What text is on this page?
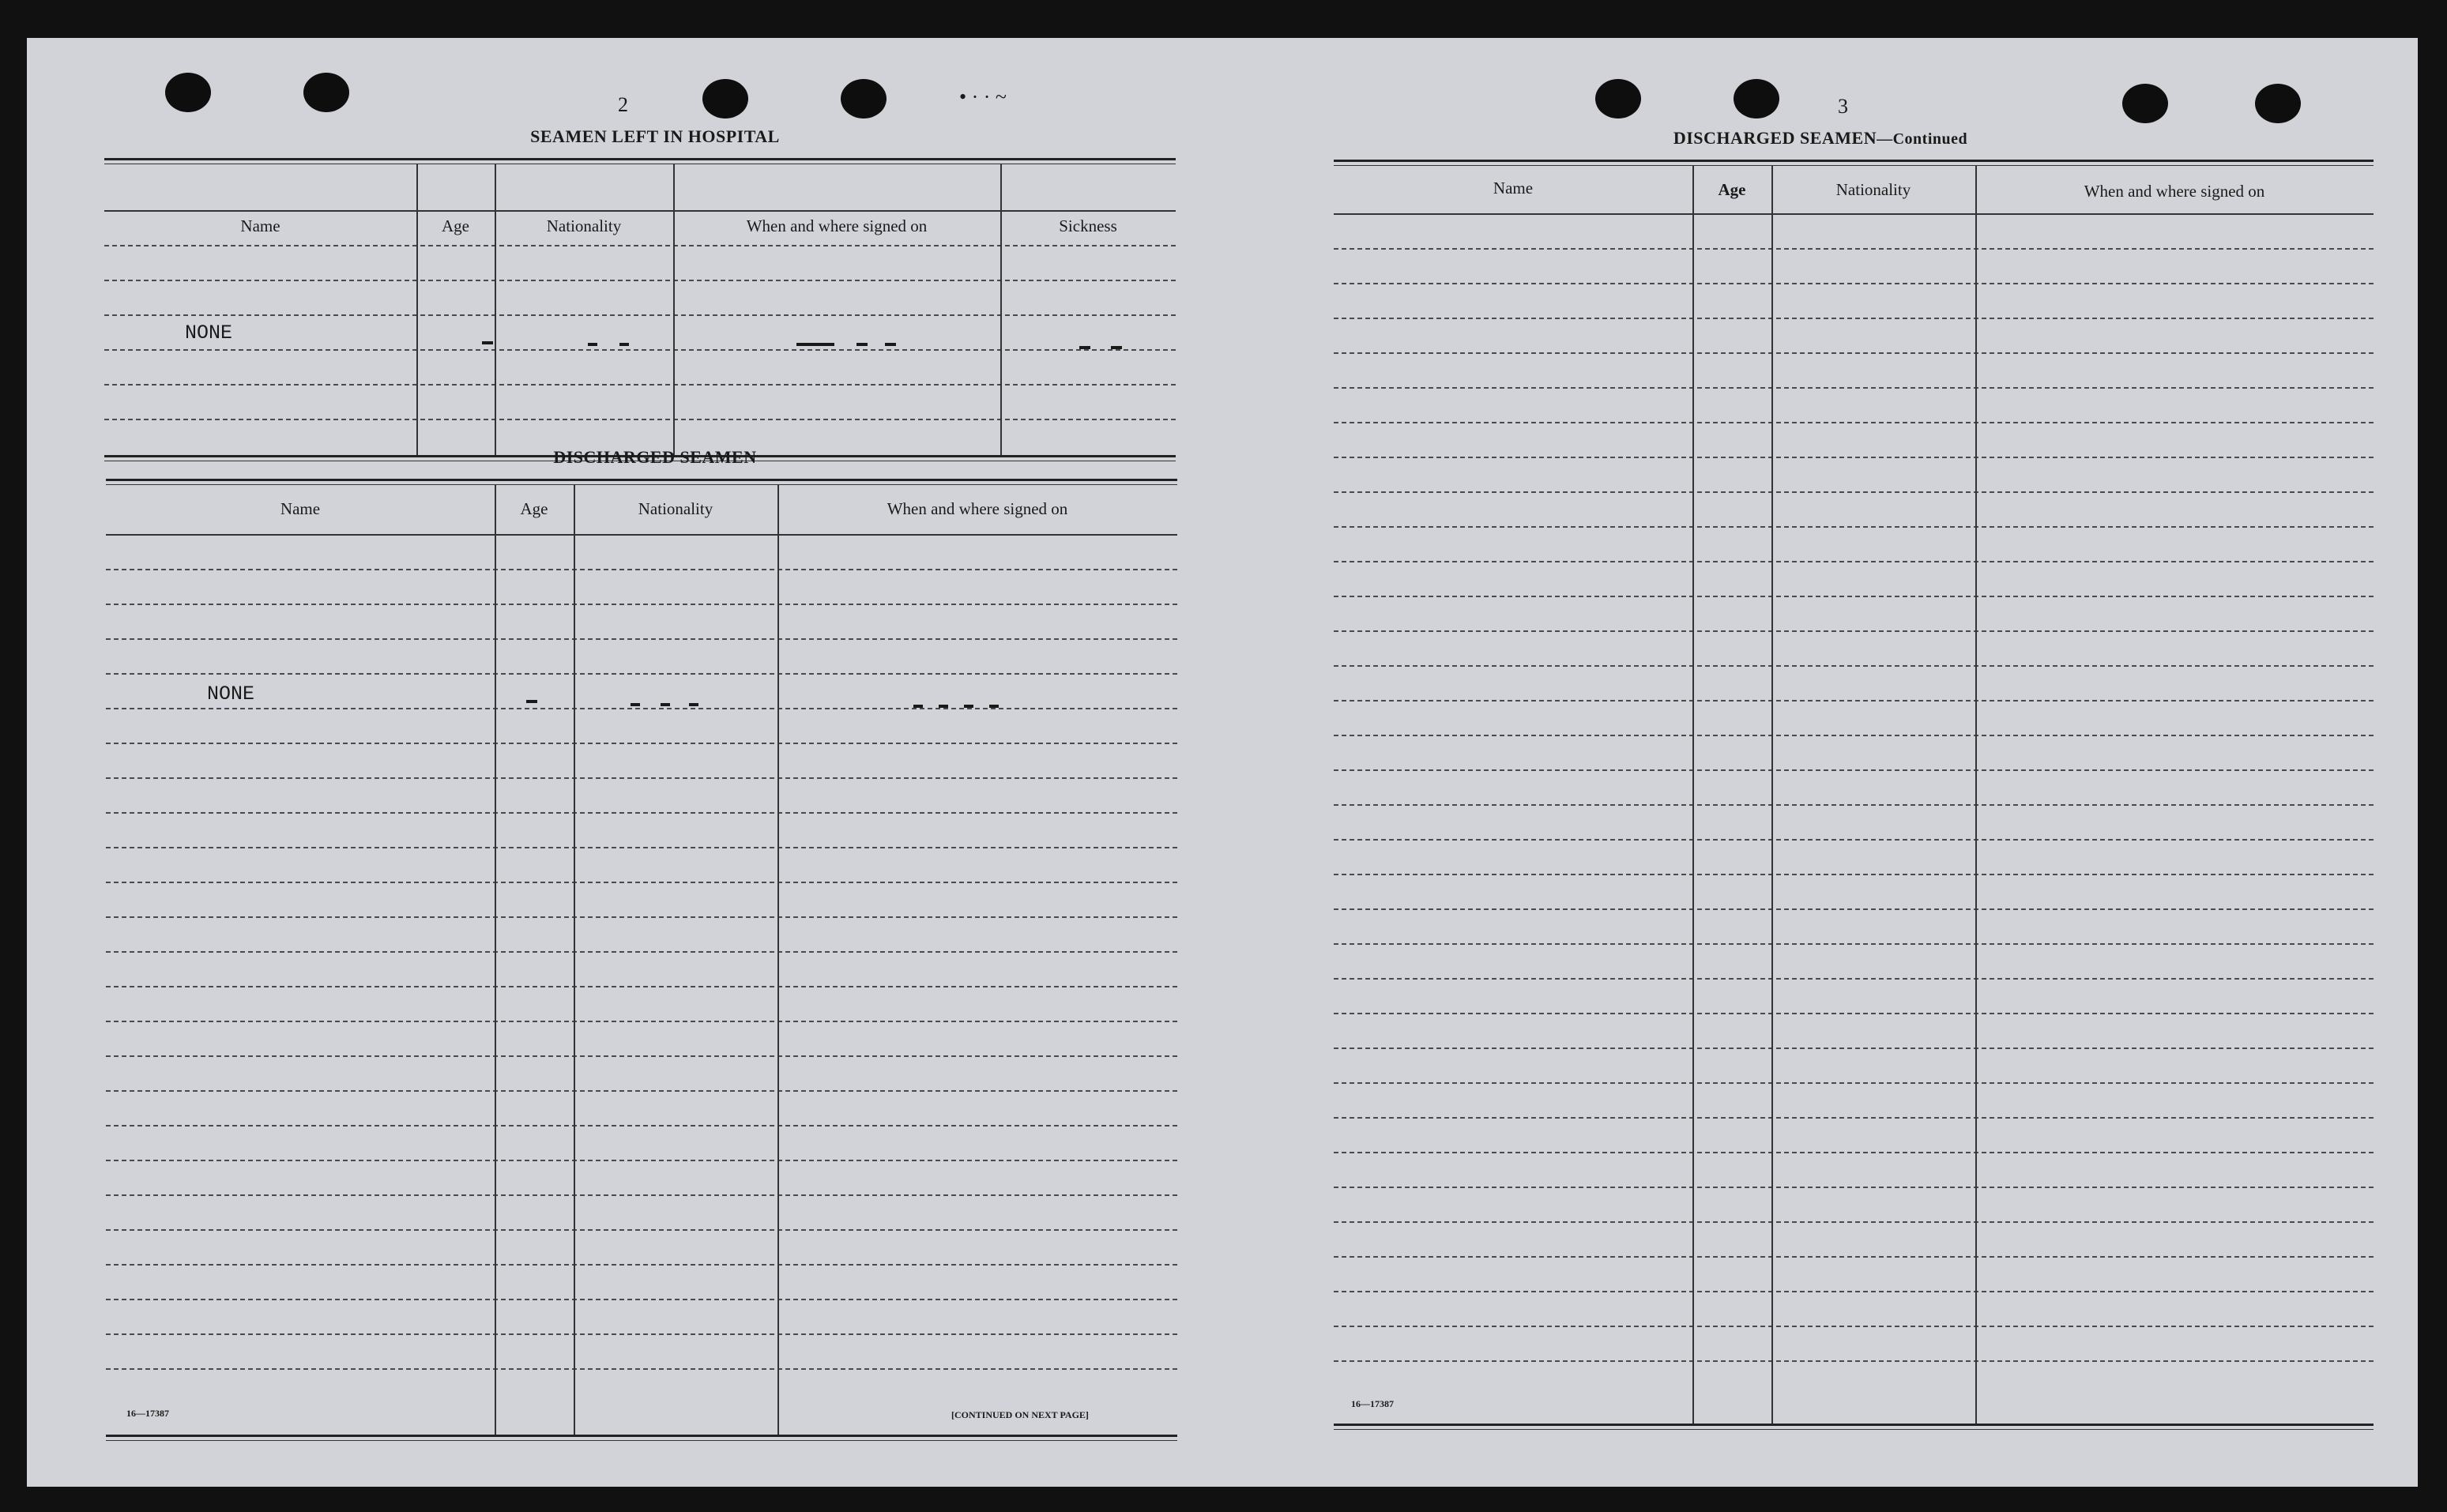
2	• · · ~
SEAMEN LEFT IN HOSPITAL
Name	Age	Nationality	When and where signed on	Sickness
NONE
DISCHARGED SEAMEN
Name	Age	Nationality	When and where signed on
NONE
16—17387	[CONTINUED ON NEXT PAGE]
3
DISCHARGED SEAMEN—Continued
Name	Age	Nationality	When and where signed on
16—17387
